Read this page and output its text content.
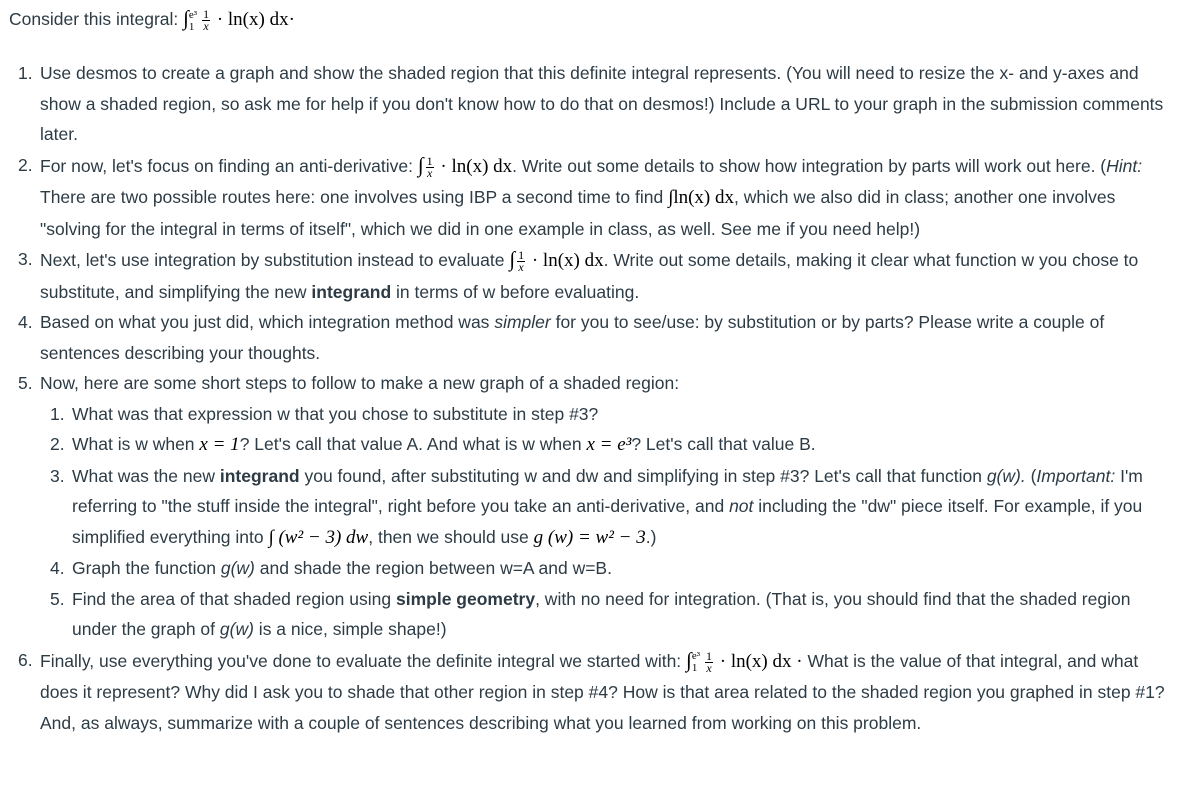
Consider this integral: ∫ e³
$1 \frac{1}{x} \cdot \ln(x)$ dx·
1. Use desmos to create a graph and show the shaded region that this definite integral represents. (You will need to resize the x- and y-axes and show a shaded region, so ask me for help if you don't know how to do that on desmos!) Include a URL to your graph in the submission comments later.
2. For now, let's focus on finding an anti-derivative: ∫ $\frac{1}{x} \cdot \ln(x)$ dx. Write out some details to show how integration by parts will work out here. (Hint: There are two possible routes here: one involves using IBP a second time to find ∫ln(x) dx, which we also did in class; another one involves "solving for the integral in terms of itself", which we did in one example in class, as well. See me if you need help!)
3. Next, let's use integration by substitution instead to evaluate ∫ $\frac{1}{x} \cdot \ln(x)$ dx. Write out some details, making it clear what function w you chose to substitute, and simplifying the new integrand in terms of w before evaluating.
4. Based on what you just did, which integration method was simpler for you to see/use: by substitution or by parts? Please write a couple of sentences describing your thoughts.
5. Now, here are some short steps to follow to make a new graph of a shaded region:
1. What was that expression w that you chose to substitute in step #3?
2. What is w when x = 1? Let's call that value A. And what is w when x = e³? Let's call that value B.
3. What was the new integrand you found, after substituting w and dw and simplifying in step #3? Let's call that function g(w). (Important: I'm referring to "the stuff inside the integral", right before you take an anti-derivative, and not including the "dw" piece itself. For example, if you simplified everything into ∫ (w² − 3) dw, then we should use g (w) = w² − 3.)
4. Graph the function g(w) and shade the region between w=A and w=B.
5. Find the area of that shaded region using simple geometry, with no need for integration. (That is, you should find that the shaded region under the graph of g(w) is a nice, simple shape!)
6. Finally, use everything you've done to evaluate the definite integral we started with: ∫ e³
$1 \frac{1}{x} \cdot \ln(x)$ dx · What is the value of that integral, and what does it represent? Why did I ask you to shade that other region in step #4? How is that area related to the shaded region you graphed in step #1? And, as always, summarize with a couple of sentences describing what you learned from working on this problem.
